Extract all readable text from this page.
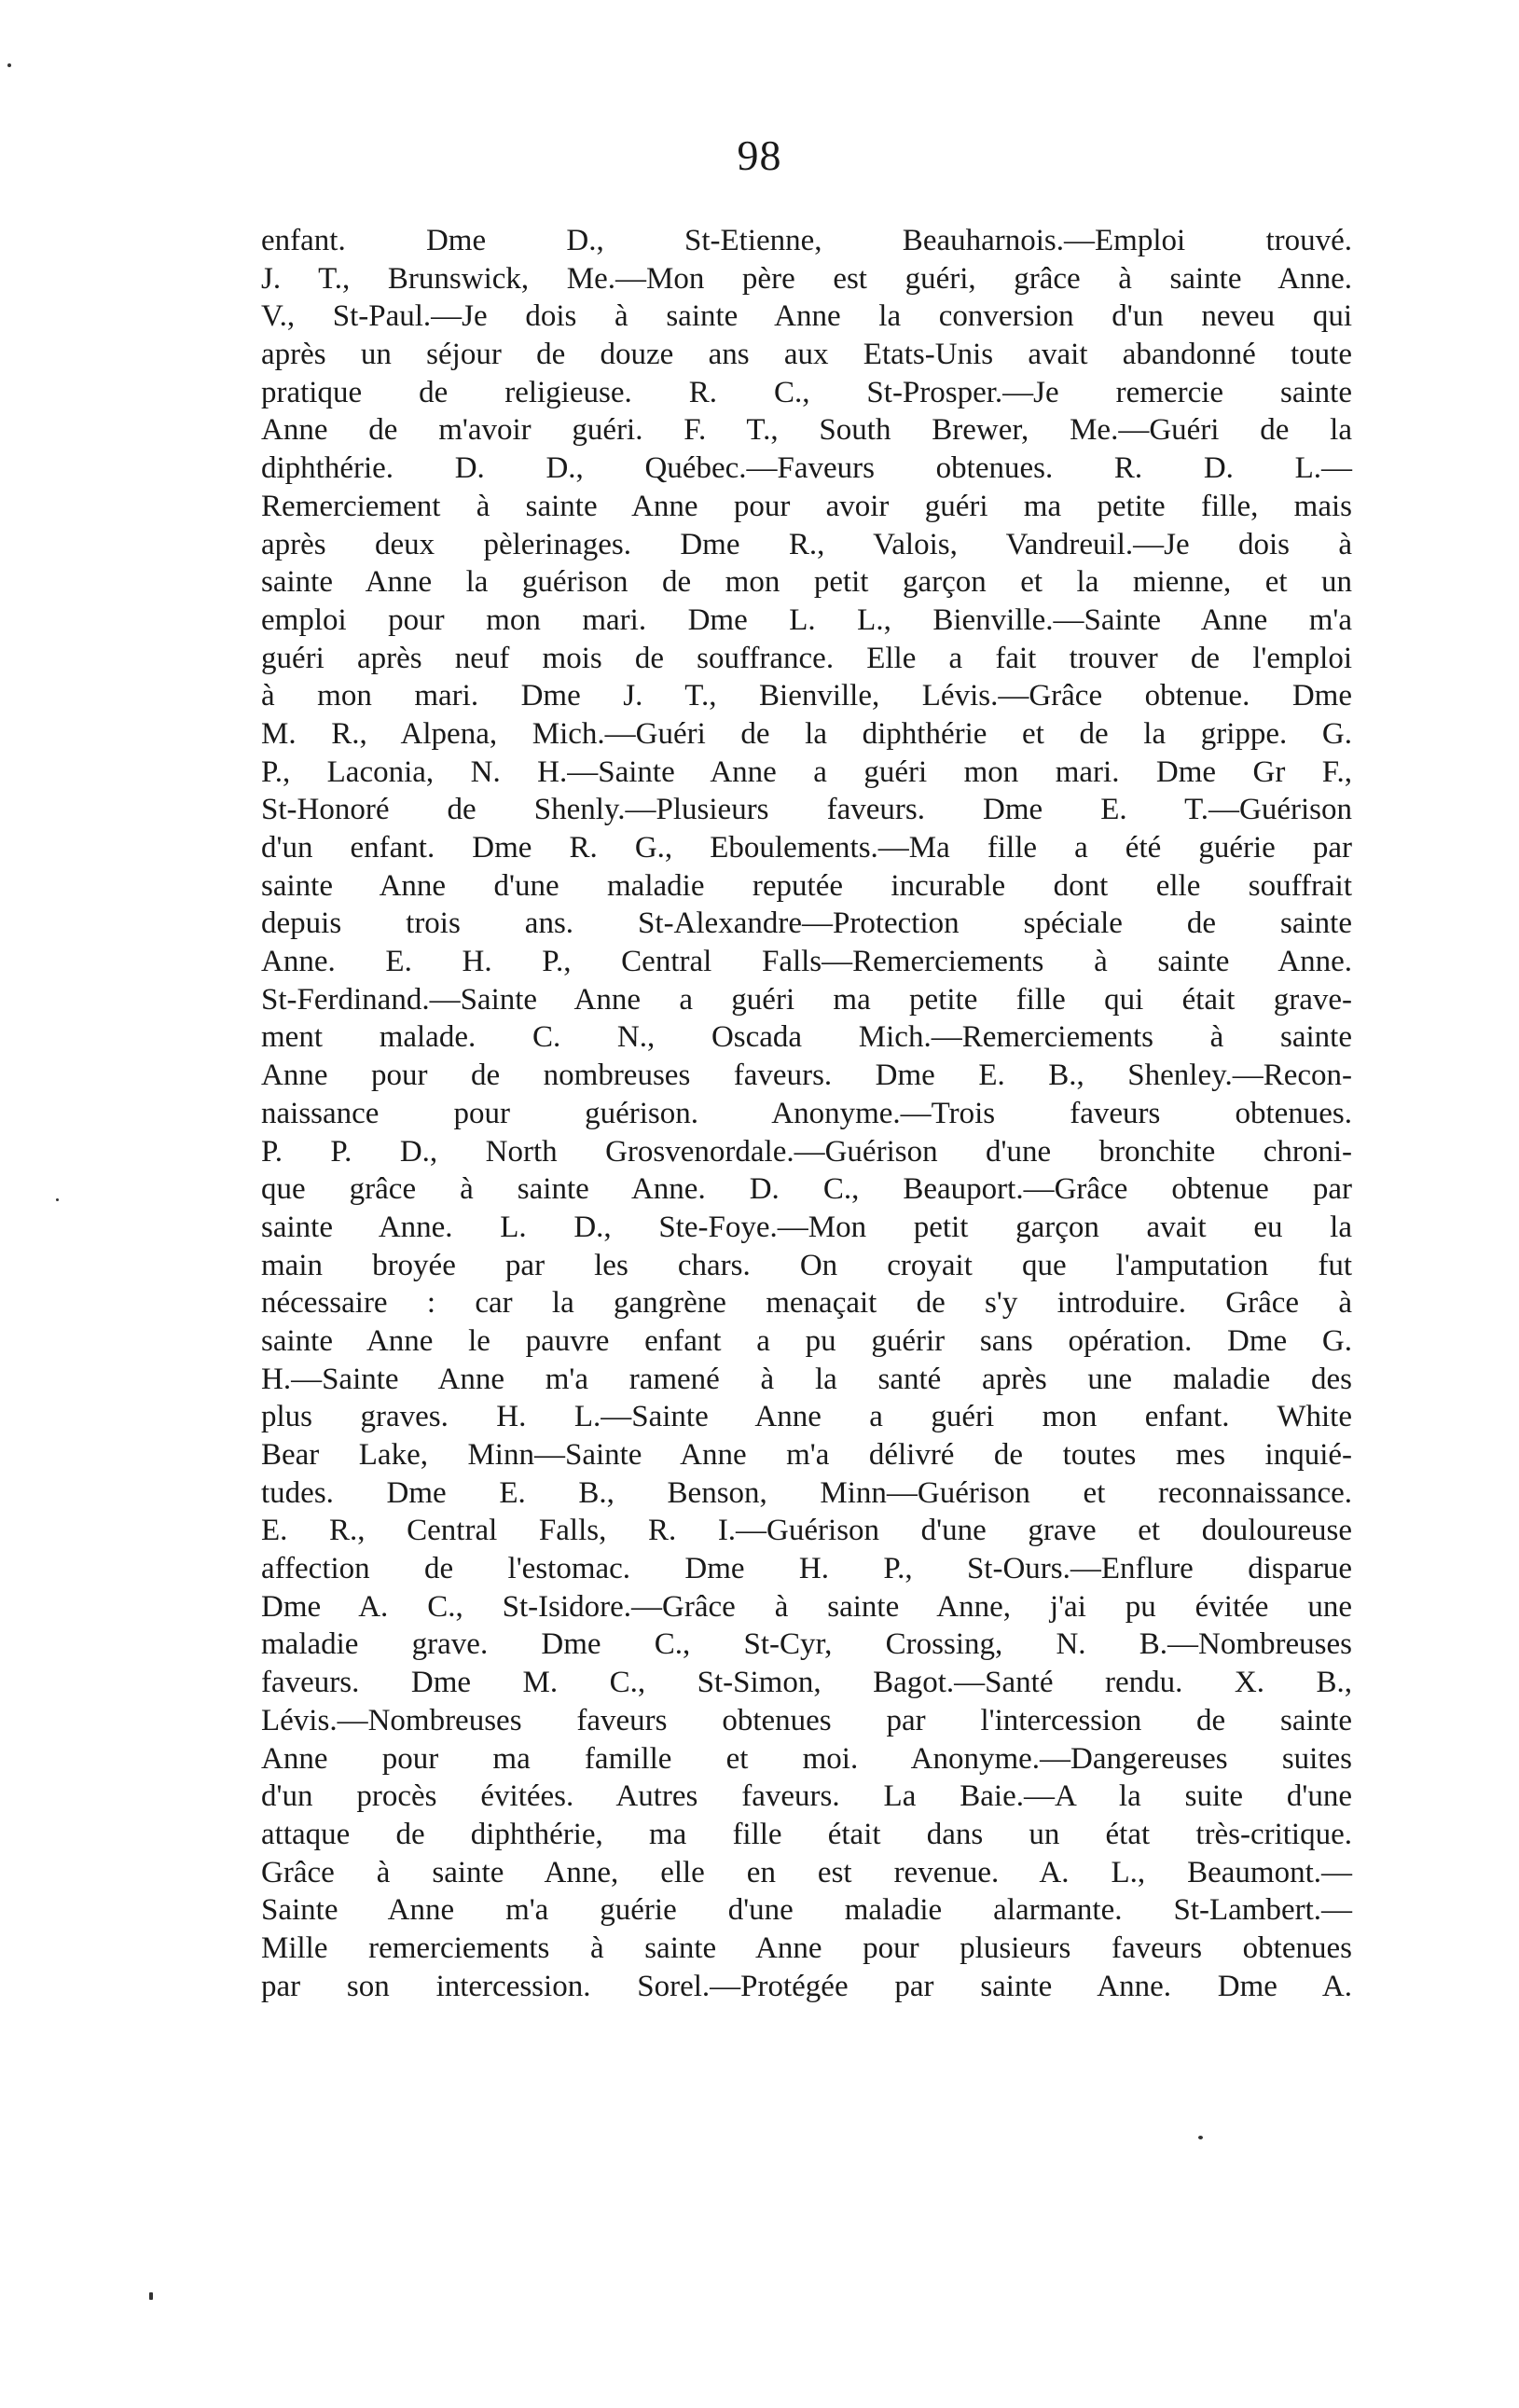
98
enfant. Dme D., St-Etienne, Beauharnois.—Emploi trouvé.
J. T., Brunswick, Me.—Mon père est guéri, grâce à sainte Anne.
V., St-Paul.—Je dois à sainte Anne la conversion d'un neveu qui
après un séjour de douze ans aux Etats-Unis avait abandonné toute
pratique de religieuse. R. C., St-Prosper.—Je remercie sainte
Anne de m'avoir guéri. F. T., South Brewer, Me.—Guéri de la
diphthérie. D. D., Québec.—Faveurs obtenues. R. D. L.—
Remerciement à sainte Anne pour avoir guéri ma petite fille, mais
après deux pèlerinages. Dme R., Valois, Vandreuil.—Je dois à
sainte Anne la guérison de mon petit garçon et la mienne, et un
emploi pour mon mari. Dme L. L., Bienville.—Sainte Anne m'a
guéri après neuf mois de souffrance. Elle a fait trouver de l'emploi
à mon mari. Dme J. T., Bienville, Lévis.—Grâce obtenue. Dme
M. R., Alpena, Mich.—Guéri de la diphthérie et de la grippe. G.
P., Laconia, N. H.—Sainte Anne a guéri mon mari. Dme Gr F.,
St-Honoré de Shenly.—Plusieurs faveurs. Dme E. T.—Guérison
d'un enfant. Dme R. G., Eboulements.—Ma fille a été guérie par
sainte Anne d'une maladie reputée incurable dont elle souffrait
depuis trois ans. St-Alexandre—Protection spéciale de sainte
Anne. E. H. P., Central Falls—Remerciements à sainte Anne.
St-Ferdinand.—Sainte Anne a guéri ma petite fille qui était grave-
ment malade. C. N., Oscada Mich.—Remerciements à sainte
Anne pour de nombreuses faveurs. Dme E. B., Shenley.—Recon-
naissance pour guérison. Anonyme.—Trois faveurs obtenues.
P. P. D., North Grosvenordale.—Guérison d'une bronchite chroni-
que grâce à sainte Anne. D. C., Beauport.—Grâce obtenue par
sainte Anne. L. D., Ste-Foye.—Mon petit garçon avait eu la
main broyée par les chars. On croyait que l'amputation fut
nécessaire : car la gangrène menaçait de s'y introduire. Grâce à
sainte Anne le pauvre enfant a pu guérir sans opération. Dme G.
H.—Sainte Anne m'a ramené à la santé après une maladie des
plus graves. H. L.—Sainte Anne a guéri mon enfant. White
Bear Lake, Minn—Sainte Anne m'a délivré de toutes mes inquié-
tudes. Dme E. B., Benson, Minn—Guérison et reconnaissance.
E. R., Central Falls, R. I.—Guérison d'une grave et douloureuse
affection de l'estomac. Dme H. P., St-Ours.—Enflure disparue
Dme A. C., St-Isidore.—Grâce à sainte Anne, j'ai pu évitée une
maladie grave. Dme C., St-Cyr, Crossing, N. B.—Nombreuses
faveurs. Dme M. C., St-Simon, Bagot.—Santé rendu. X. B.,
Lévis.—Nombreuses faveurs obtenues par l'intercession de sainte
Anne pour ma famille et moi. Anonyme.—Dangereuses suites
d'un procès évitées. Autres faveurs. La Baie.—A la suite d'une
attaque de diphthérie, ma fille était dans un état très-critique.
Grâce à sainte Anne, elle en est revenue. A. L., Beaumont.—
Sainte Anne m'a guérie d'une maladie alarmante. St-Lambert.—
Mille remerciements à sainte Anne pour plusieurs faveurs obtenues
par son intercession. Sorel.—Protégée par sainte Anne. Dme A.
